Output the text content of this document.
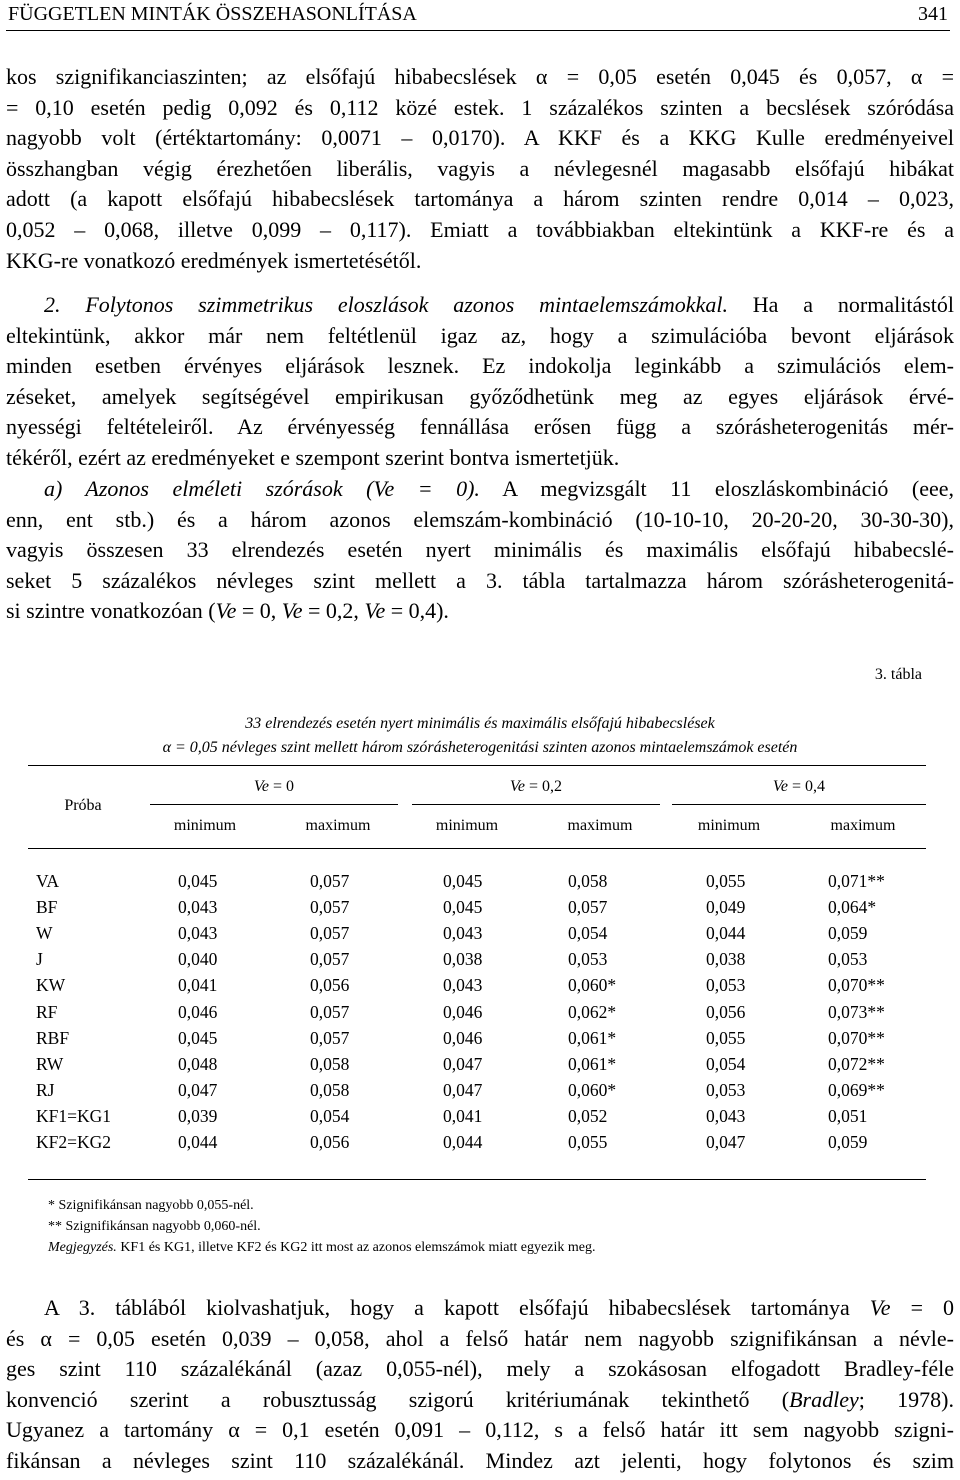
FÜGGETLEN MINTÁK ÖSSZEHASONLÍTÁSA	341
kos szignifikanciaszinten; az elsőfajú hibabecslések α = 0,05 esetén 0,045 és 0,057, α =
= 0,10 esetén pedig 0,092 és 0,112 közé estek. 1 százalékos szinten a becslések szóródása
nagyobb volt (értéktartomány: 0,0071 – 0,0170). A KKF és a KKG Kulle eredményeivel
összhangban végig érezhetően liberális, vagyis a névlegesnél magasabb elsőfajú hibákat
adott (a kapott elsőfajú hibabecslések tartománya a három szinten rendre 0,014 – 0,023,
0,052 – 0,068, illetve 0,099 – 0,117). Emiatt a továbbiakban eltekintünk a KKF-re és a
KKG-re vonatkozó eredmények ismertetésétől.
2. Folytonos szimmetrikus eloszlások azonos mintaelemszámokkal. Ha a normalitástól
eltekintünk, akkor már nem feltétlenül igaz az, hogy a szimulációba bevont eljárások
minden esetben érvényes eljárások lesznek. Ez indokolja leginkább a szimulációs elem-
zéseket, amelyek segítségével empirikusan győződhetünk meg az egyes eljárások érvé-
nyességi feltételeiről. Az érvényesség fennállása erősen függ a szórásheterogenitás mér-
tékéről, ezért az eredményeket e szempont szerint bontva ismertetjük.
a) Azonos elméleti szórások (Ve = 0). A megvizsgált 11 eloszláskombináció (eee,
enn, ent stb.) és a három azonos elemszám-kombináció (10-10-10, 20-20-20, 30-30-30),
vagyis összesen 33 elrendezés esetén nyert minimális és maximális elsőfajú hibabecslé-
seket 5 százalékos névleges szint mellett a 3. tábla tartalmazza három szórásheterogenitá-
si szintre vonatkozóan (Ve = 0, Ve = 0,2, Ve = 0,4).
3. tábla
33 elrendezés esetén nyert minimális és maximális elsőfajú hibabecslések
α = 0,05 névleges szint mellett három szórásheterogenitási szinten azonos mintaelemszámok esetén
Próba
Ve = 0	Ve = 0,2	Ve = 0,4
minimum	maximum	minimum	maximum	minimum	maximum
VA	0,045	0,057	0,045	0,058	0,055	0,071**
BF	0,043	0,057	0,045	0,057	0,049	0,064*
W	0,043	0,057	0,043	0,054	0,044	0,059
J	0,040	0,057	0,038	0,053	0,038	0,053
KW	0,041	0,056	0,043	0,060*	0,053	0,070**
RF	0,046	0,057	0,046	0,062*	0,056	0,073**
RBF	0,045	0,057	0,046	0,061*	0,055	0,070**
RW	0,048	0,058	0,047	0,061*	0,054	0,072**
RJ	0,047	0,058	0,047	0,060*	0,053	0,069**
KF1=KG1	0,039	0,054	0,041	0,052	0,043	0,051
KF2=KG2	0,044	0,056	0,044	0,055	0,047	0,059
* Szignifikánsan nagyobb 0,055-nél.
** Szignifikánsan nagyobb 0,060-nél.
Megjegyzés. KF1 és KG1, illetve KF2 és KG2 itt most az azonos elemszámok miatt egyezik meg.
A 3. táblából kiolvashatjuk, hogy a kapott elsőfajú hibabecslések tartománya Ve = 0
és α = 0,05 esetén 0,039 – 0,058, ahol a felső határ nem nagyobb szignifikánsan a névle-
ges szint 110 százalékánál (azaz 0,055-nél), mely a szokásosan elfogadott Bradley-féle
konvenció szerint a robusztusság szigorú kritériumának tekinthető (Bradley; 1978).
Ugyanez a tartomány α = 0,1 esetén 0,091 – 0,112, s a felső határ itt sem nagyobb szigni-
fikánsan a névleges szint 110 százalékánál. Mindez azt jelenti, hogy folytonos és szim
